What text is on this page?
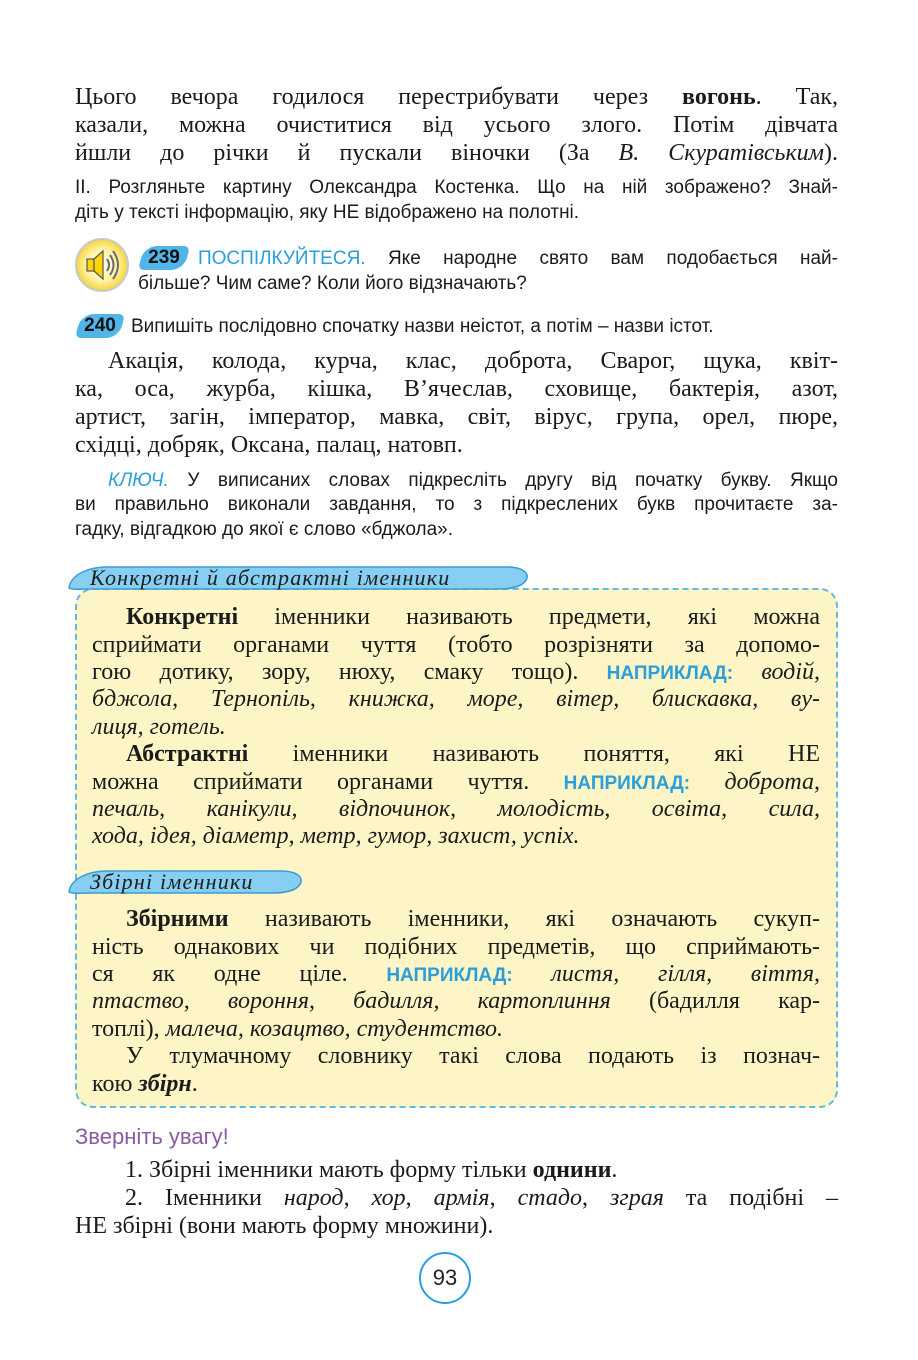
Цього вечора годилося перестрибувати через вогонь. Так,
казали, можна очиститися від усього злого. Потім дівчата
йшли до річки й пускали віночки (За В. Скуратівським).
II. Розгляньте картину Олександра Костенка. Що на ній зображено? Знай-
діть у тексті інформацію, яку НЕ відображено на полотні.
239 ПОСПІЛКУЙТЕСЯ. Яке народне свято вам подобається най-
більше? Чим саме? Коли його відзначають?
240 Випишіть послідовно спочатку назви неістот, а потім – назви істот.
Акація, колода, курча, клас, доброта, Сварог, щука, квіт-
ка, оса, журба, кішка, В’ячеслав, сховище, бактерія, азот,
артист, загін, імператор, мавка, світ, вірус, група, орел, пюре,
східці, добряк, Оксана, палац, натовп.
КЛЮЧ. У виписаних словах підкресліть другу від початку букву. Якщо
ви правильно виконали завдання, то з підкреслених букв прочитаєте за-
гадку, відгадкою до якої є слово «бджола».
Конкретні й абстрактні іменники
Конкретні іменники називають предмети, які можна
сприймати органами чуття (тобто розрізняти за допомо-
гою дотику, зору, нюху, смаку тощо). НАПРИКЛАД: водій,
бджола, Тернопіль, книжка, море, вітер, блискавка, ву-
лиця, готель.
Абстрактні іменники називають поняття, які НЕ
можна сприймати органами чуття. НАПРИКЛАД: доброта,
печаль, канікули, відпочинок, молодість, освіта, сила,
хода, ідея, діаметр, метр, гумор, захист, успіх.
Збірні іменники
Збірними називають іменники, які означають сукуп-
ність однакових чи подібних предметів, що сприймають-
ся як одне ціле. НАПРИКЛАД: листя, гілля, віття,
птаство, вороння, бадилля, картоплиння (бадилля кар-
топлі), малеча, козацтво, студентство.
У тлумачному словнику такі слова подають із познач-
кою збірн.
Зверніть увагу!
1. Збірні іменники мають форму тільки однини.
2. Іменники народ, хор, армія, стадо, зграя та подібні –
НЕ збірні (вони мають форму множини).
93
